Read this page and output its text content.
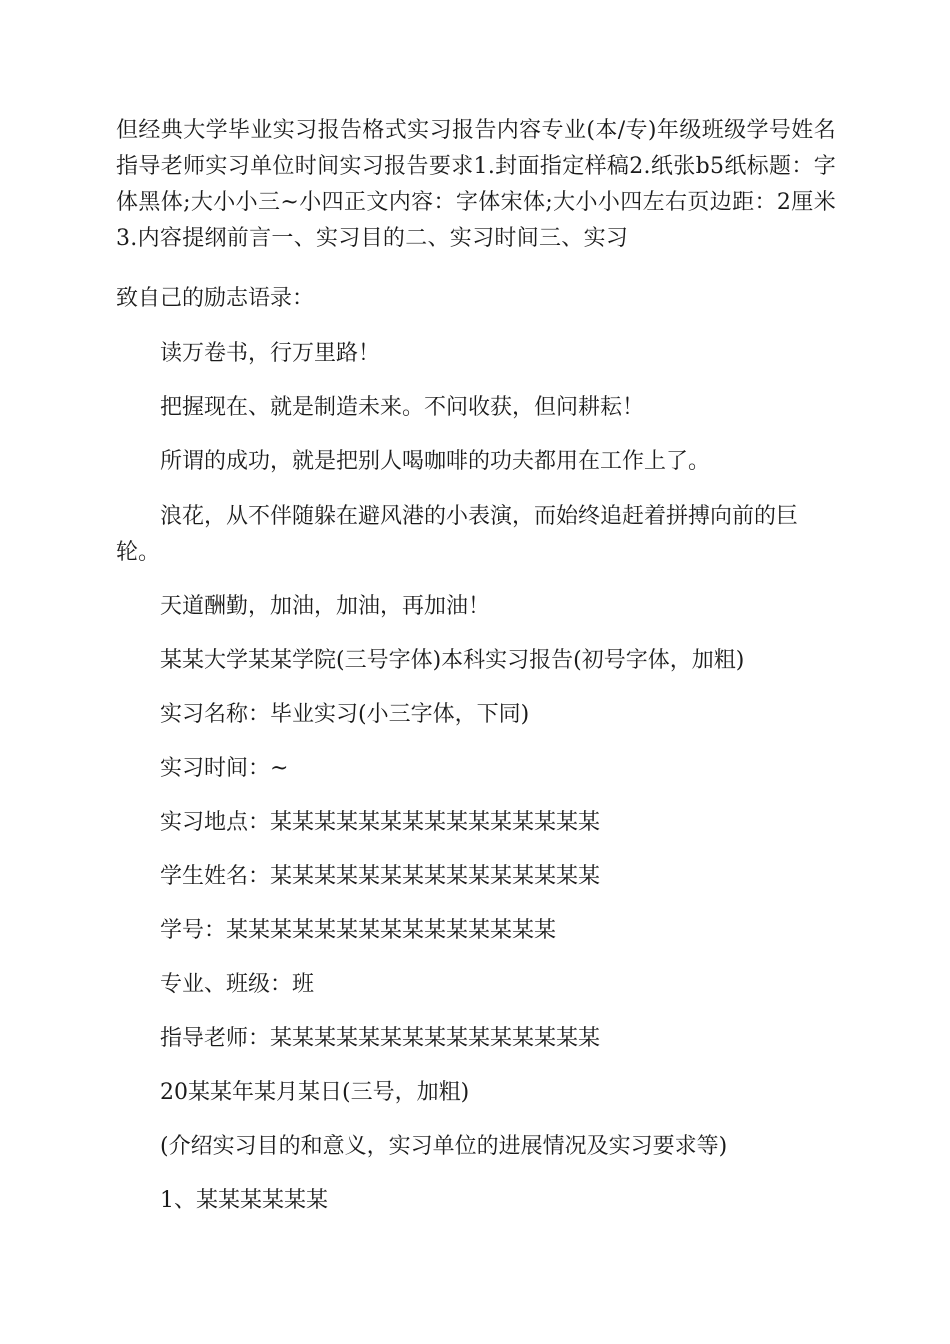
但经典大学毕业实习报告格式实习报告内容专业(本/专)年级班级学号姓名指导老师实习单位时间实习报告要求1.封面指定样稿2.纸张b5纸标题：字体黑体;大小小三~小四正文内容：字体宋体;大小小四左右页边距：2厘米3.内容提纲前言一、实习目的二、实习时间三、实习

致自己的励志语录：

读万卷书，行万里路！

把握现在、就是制造未来。不问收获，但问耕耘！

所谓的成功，就是把别人喝咖啡的功夫都用在工作上了。

浪花，从不伴随躲在避风港的小表演，而始终追赶着拼搏向前的巨轮。

天道酬勤，加油，加油，再加油！

某某大学某某学院(三号字体)本科实习报告(初号字体，加粗)

实习名称：毕业实习(小三字体，下同)

实习时间：~

实习地点：某某某某某某某某某某某某某某某

学生姓名：某某某某某某某某某某某某某某某

学号：某某某某某某某某某某某某某某某

专业、班级：班

指导老师：某某某某某某某某某某某某某某某

20某某年某月某日(三号，加粗)

(介绍实习目的和意义，实习单位的进展情况及实习要求等)

1、某某某某某某
